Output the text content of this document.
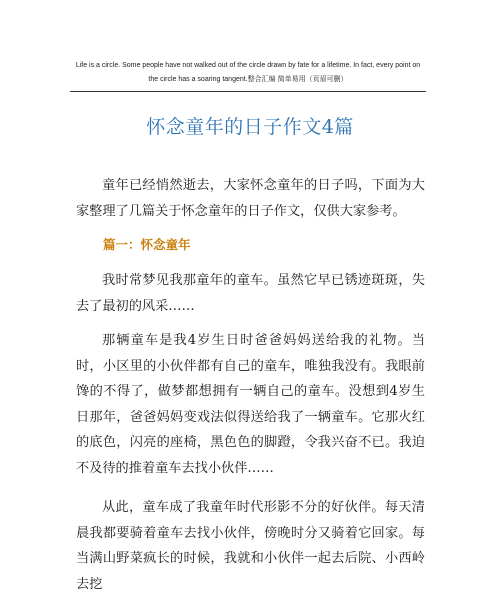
Life is a circle. Some people have not walked out of the circle drawn by fate for a lifetime. In fact, every point on
the circle has a soaring tangent.整合汇编 简单易用（页眉可删）
怀念童年的日子作文4篇

童年已经悄然逝去，大家怀念童年的日子吗，下面为大家整理了几篇关于怀念童年的日子作文，仅供大家参考。

篇一：怀念童年

我时常梦见我那童年的童车。虽然它早已锈迹斑斑，失去了最初的风采……

那辆童车是我4岁生日时爸爸妈妈送给我的礼物。当时，小区里的小伙伴都有自己的童车，唯独我没有。我眼前馋的不得了，做梦都想拥有一辆自己的童车。没想到4岁生日那年，爸爸妈妈变戏法似得送给我了一辆童车。它那火红的底色，闪亮的座椅，黑色色的脚蹬，令我兴奋不已。我迫不及待的推着童车去找小伙伴……

从此，童车成了我童年时代形影不分的好伙伴。每天清晨我都要骑着童车去找小伙伴，傍晚时分又骑着它回家。每当满山野菜疯长的时候，我就和小伙伴一起去后院、小西岭去挖
